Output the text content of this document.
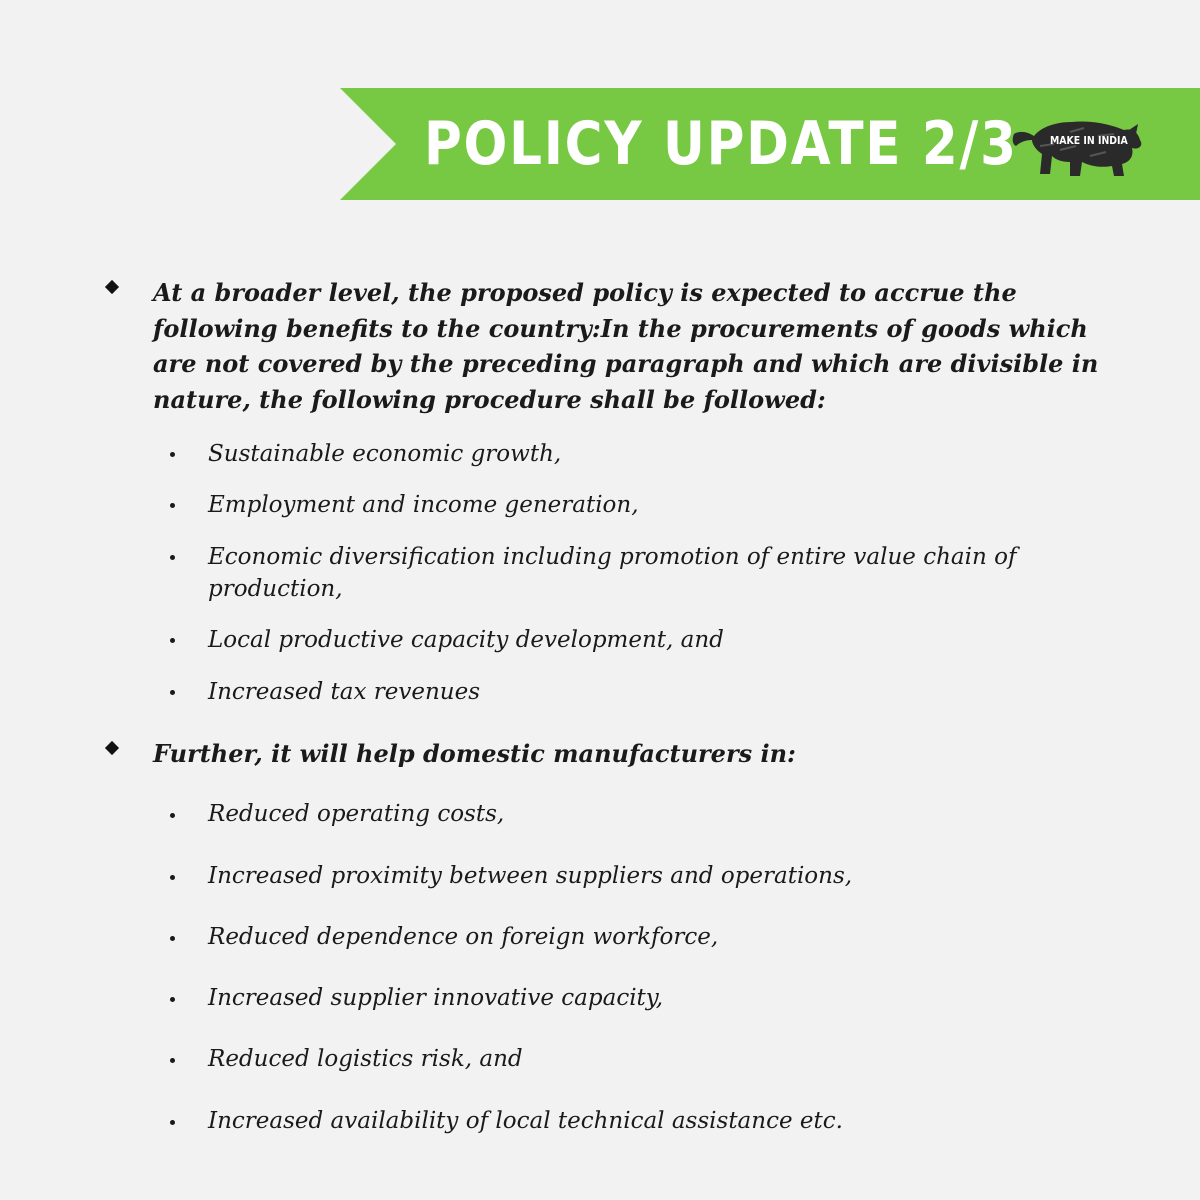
POLICY UPDATE 2/3	MAKE IN INDIA
At a broader level, the proposed policy is expected to accrue the following benefits to the country:In the procurements of goods which are not covered by the preceding paragraph and which are divisible in nature, the following procedure shall be followed:
Sustainable economic growth,
Employment and income generation,
Economic diversification including promotion of entire value chain of production,
Local productive capacity development, and
Increased tax revenues
Further, it will help domestic manufacturers in:
Reduced operating costs,
Increased proximity between suppliers and operations,
Reduced dependence on foreign workforce,
Increased supplier innovative capacity,
Reduced logistics risk, and
Increased availability of local technical assistance etc.
